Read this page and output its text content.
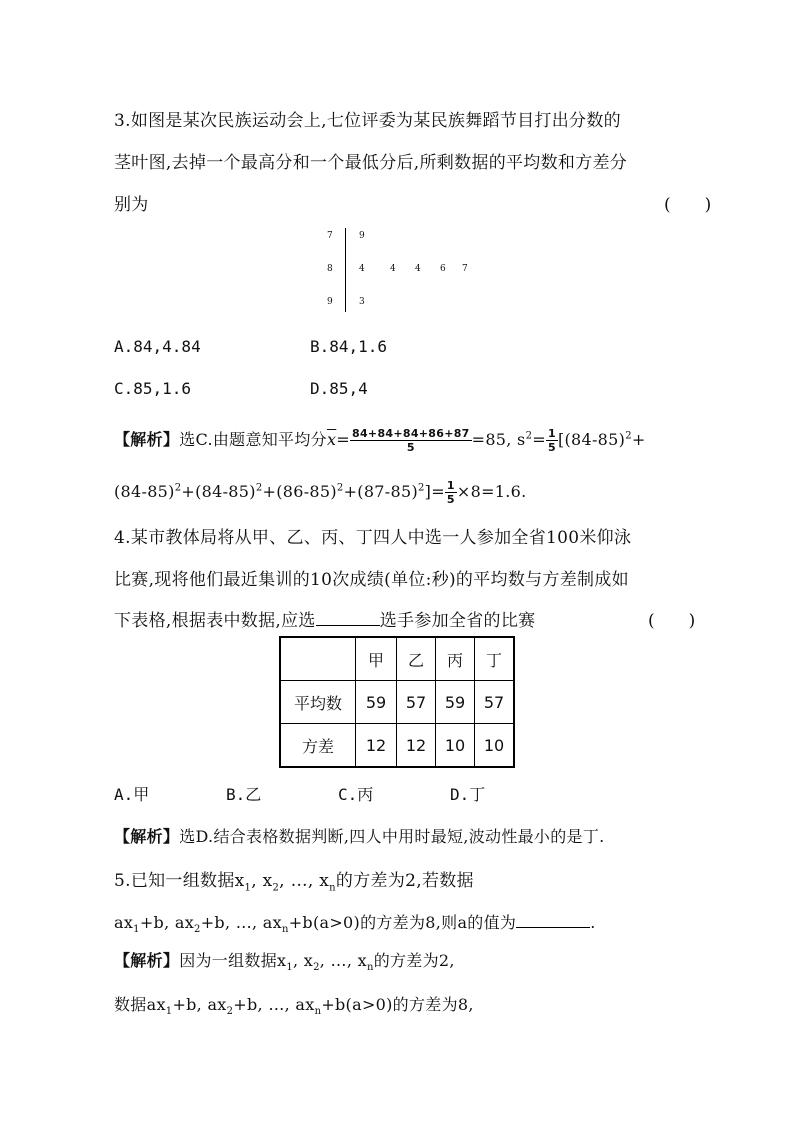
3.如图是某次民族运动会上,七位评委为某民族舞蹈节目打出分数的
茎叶图,去掉一个最高分和一个最低分后,所剩数据的平均数和方差分
别为	(　　)
7	9
8	4	4 4 6 7
9	3
A.84,4.84	B.84,1.6
C.85,1.6	D.85,4
【解析】选C.由题意知平均分$\overline{x}= \frac{84+84+84+86+87}{5} =85$, $s^2= \frac{1}{5} [(84-85)^2+$
$(84-85)^2+(84-85)^2+(86-85)^2+(87-85)^2]= \frac{1}{5} \times 8=1.6$.
4.某市教体局将从甲、乙、丙、丁四人中选一人参加全省100米仰泳
比赛,现将他们最近集训的10次成绩(单位:秒)的平均数与方差制成如
下表格,根据表中数据,应选	选手参加全省的比赛	(　　)
	甲	乙	丙	丁
平均数	59	57	59	57
方差	12	12	10	10
A.甲	B.乙	C.丙	D.丁
【解析】选D.结合表格数据判断,四人中用时最短,波动性最小的是丁.
5.已知一组数据$x_1$, $x_2$, …, $x_n$的方差为2,若数据
$ax_1+b$, $ax_2+b$, …, $ax_n+b(a>0)$的方差为8,则a的值为	.
【解析】因为一组数据$x_1$, $x_2$, …, $x_n$的方差为2,
数据$ax_1+b$, $ax_2+b$, …, $ax_n+b(a>0)$的方差为8,
